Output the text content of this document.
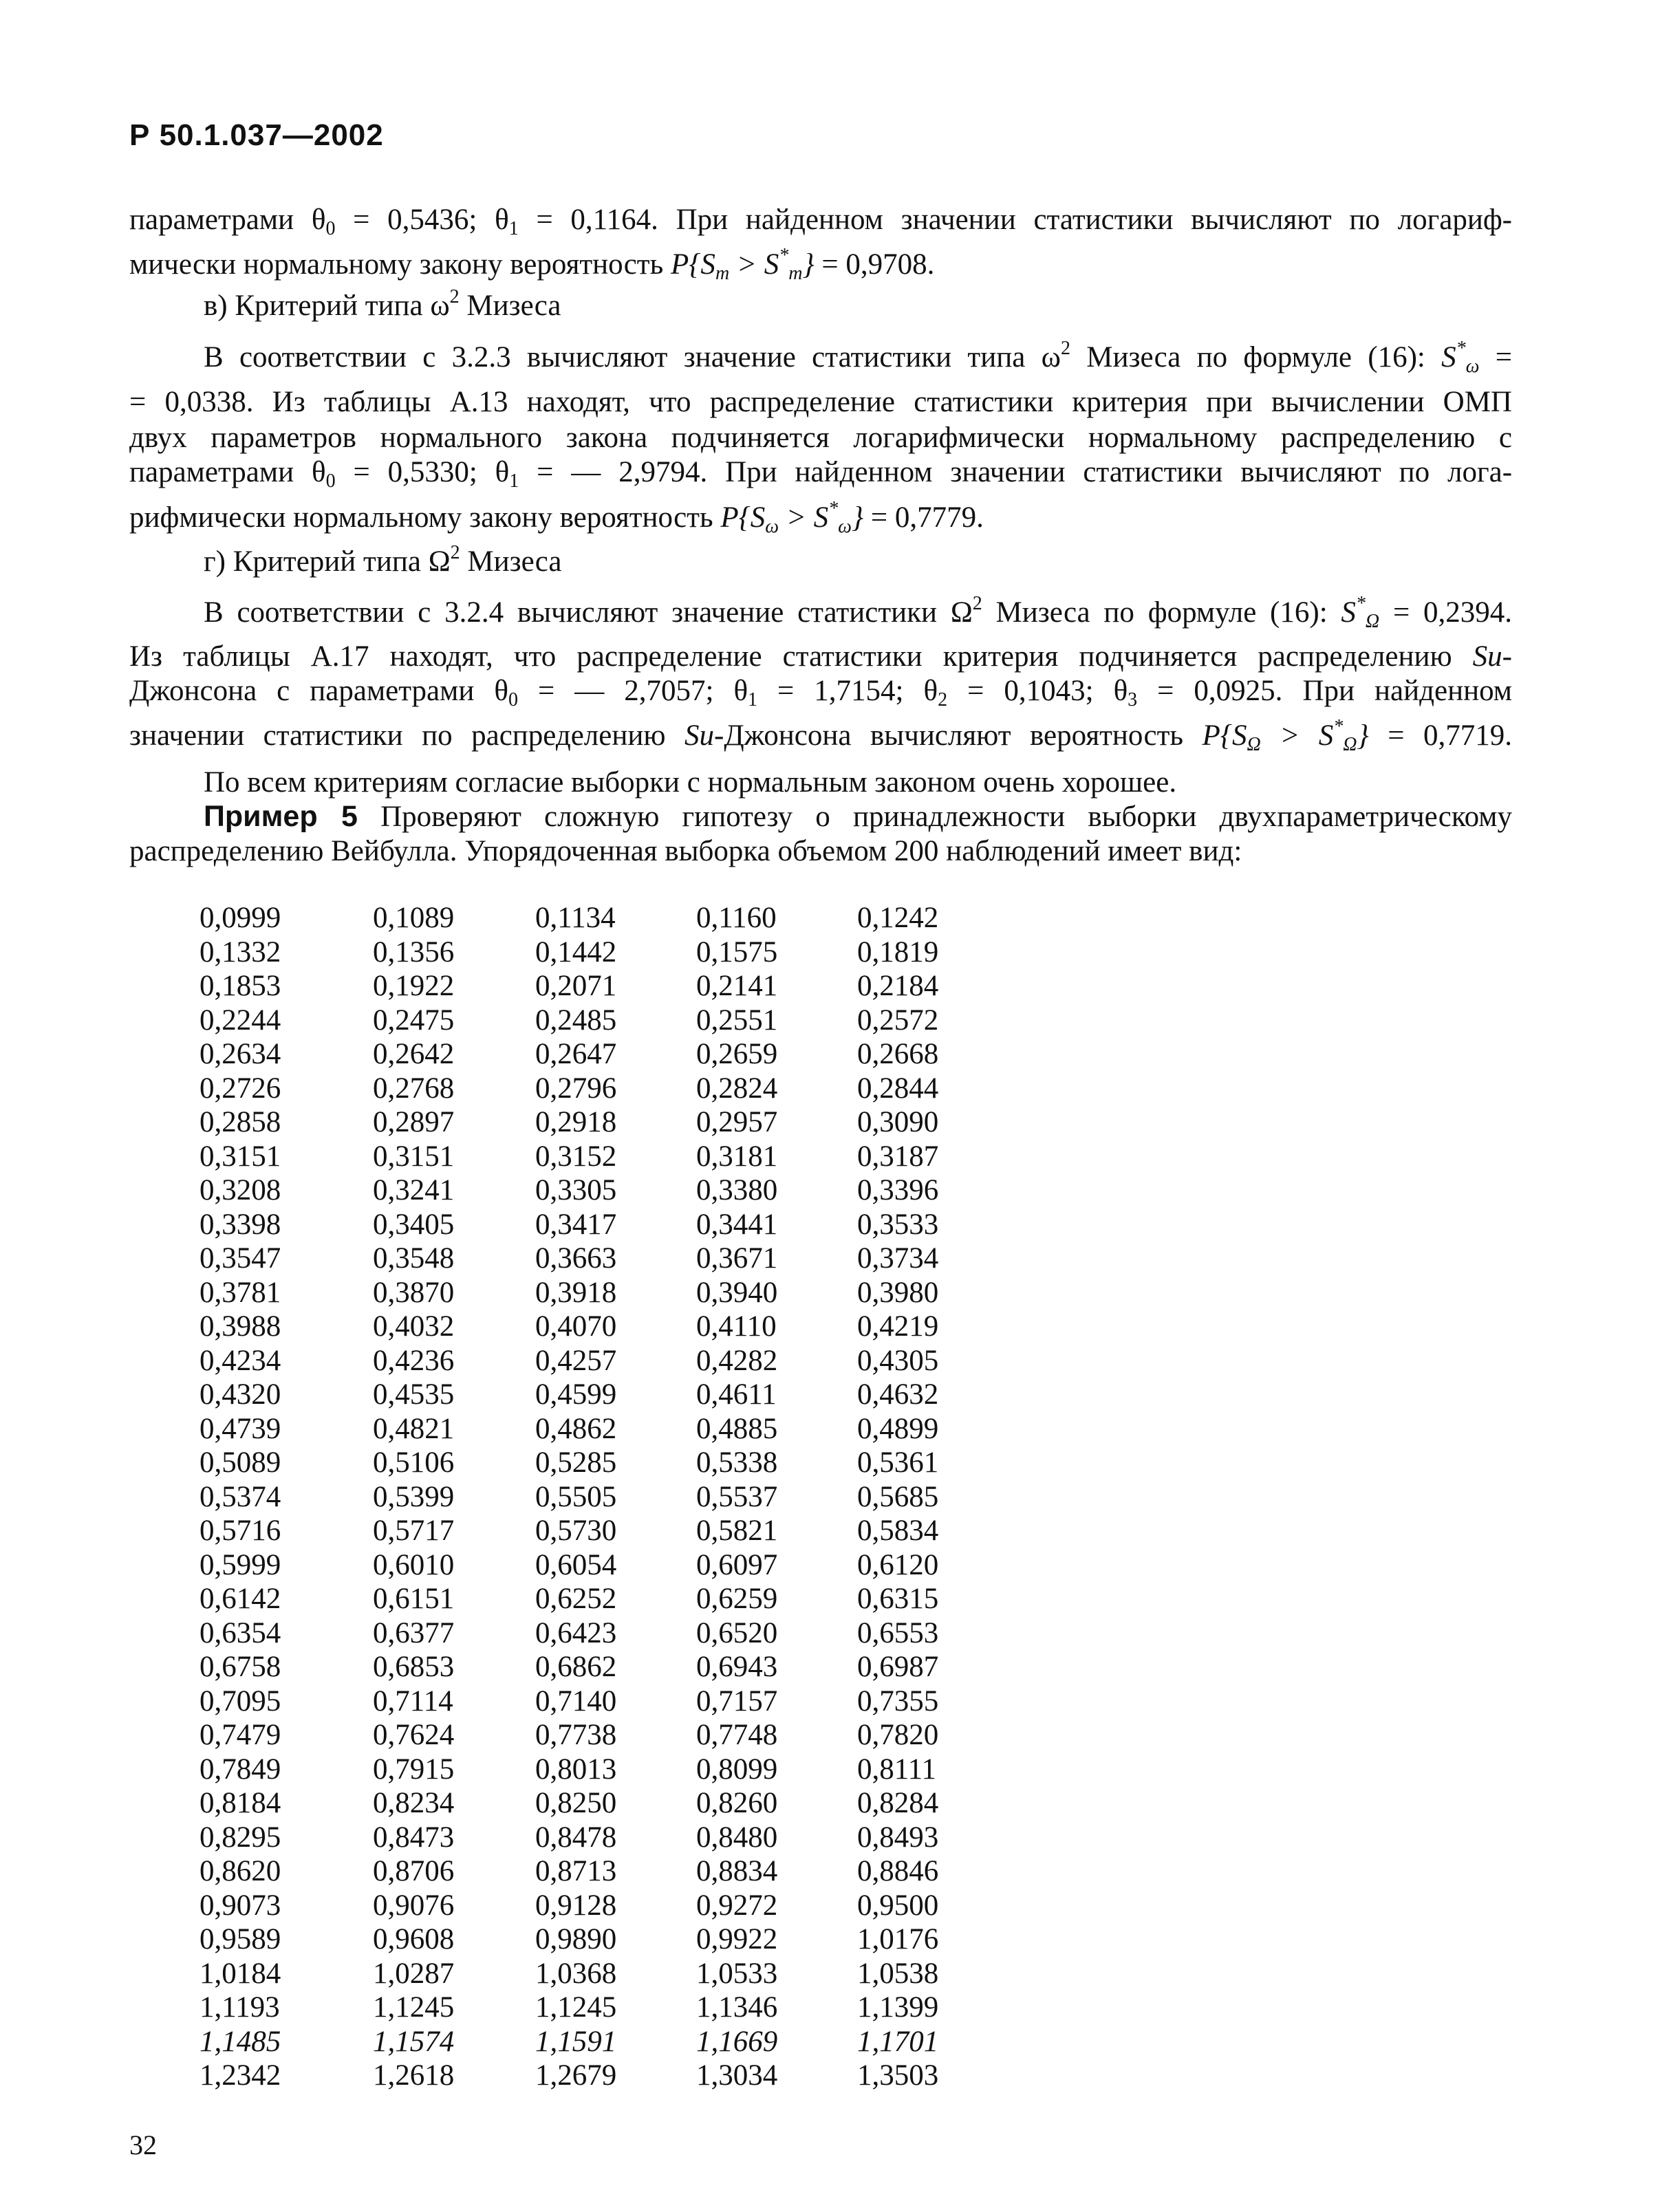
Р 50.1.037—2002
параметрами $\theta_0 = 0,5436$; $\theta_1 = 0,1164$. При найденном значении статистики вычисляют по логариф-
мически нормальному закону вероятность $P\{S_m > S^*_m\} = 0,9708$.
в) Критерий типа $\omega^2$ Мизеса
В соответствии с 3.2.3 вычисляют значение статистики типа $\omega^2$ Мизеса по формуле (16): $S^*_\omega$ =
= 0,0338. Из таблицы А.13 находят, что распределение статистики критерия при вычислении ОМП
двух параметров нормального закона подчиняется логарифмически нормальному распределению с
параметрами $\theta_0 = 0,5330$; $\theta_1$ = — 2,9794. При найденном значении статистики вычисляют по лога-
рифмически нормальному закону вероятность $P\{S_\omega > S^*_\omega\} = 0,7779$.
г) Критерий типа $\Omega^2$ Мизеса
В соответствии с 3.2.4 вычисляют значение статистики $\Omega^2$ Мизеса по формуле (16): $S^*_\Omega = 0,2394$.
Из таблицы А.17 находят, что распределение статистики критерия подчиняется распределению Su-
Джонсона с параметрами $\theta_0$ = — 2,7057; $\theta_1 = 1,7154$; $\theta_2 = 0,1043$; $\theta_3 = 0,0925$. При найденном
значении статистики по распределению Su-Джонсона вычисляют вероятность $P\{S_\Omega > S^*_\Omega\} = 0,7719$.
По всем критериям согласие выборки с нормальным законом очень хорошее.
Пример 5 Проверяют сложную гипотезу о принадлежности выборки двухпараметрическому
распределению Вейбулла. Упорядоченная выборка объемом 200 наблюдений имеет вид:
0,0999	0,1089	0,1134	0,1160	0,1242
0,1332	0,1356	0,1442	0,1575	0,1819
0,1853	0,1922	0,2071	0,2141	0,2184
0,2244	0,2475	0,2485	0,2551	0,2572
0,2634	0,2642	0,2647	0,2659	0,2668
0,2726	0,2768	0,2796	0,2824	0,2844
0,2858	0,2897	0,2918	0,2957	0,3090
0,3151	0,3151	0,3152	0,3181	0,3187
0,3208	0,3241	0,3305	0,3380	0,3396
0,3398	0,3405	0,3417	0,3441	0,3533
0,3547	0,3548	0,3663	0,3671	0,3734
0,3781	0,3870	0,3918	0,3940	0,3980
0,3988	0,4032	0,4070	0,4110	0,4219
0,4234	0,4236	0,4257	0,4282	0,4305
0,4320	0,4535	0,4599	0,4611	0,4632
0,4739	0,4821	0,4862	0,4885	0,4899
0,5089	0,5106	0,5285	0,5338	0,5361
0,5374	0,5399	0,5505	0,5537	0,5685
0,5716	0,5717	0,5730	0,5821	0,5834
0,5999	0,6010	0,6054	0,6097	0,6120
0,6142	0,6151	0,6252	0,6259	0,6315
0,6354	0,6377	0,6423	0,6520	0,6553
0,6758	0,6853	0,6862	0,6943	0,6987
0,7095	0,7114	0,7140	0,7157	0,7355
0,7479	0,7624	0,7738	0,7748	0,7820
0,7849	0,7915	0,8013	0,8099	0,8111
0,8184	0,8234	0,8250	0,8260	0,8284
0,8295	0,8473	0,8478	0,8480	0,8493
0,8620	0,8706	0,8713	0,8834	0,8846
0,9073	0,9076	0,9128	0,9272	0,9500
0,9589	0,9608	0,9890	0,9922	1,0176
1,0184	1,0287	1,0368	1,0533	1,0538
1,1193	1,1245	1,1245	1,1346	1,1399
1,1485	1,1574	1,1591	1,1669	1,1701
1,2342	1,2618	1,2679	1,3034	1,3503
32
